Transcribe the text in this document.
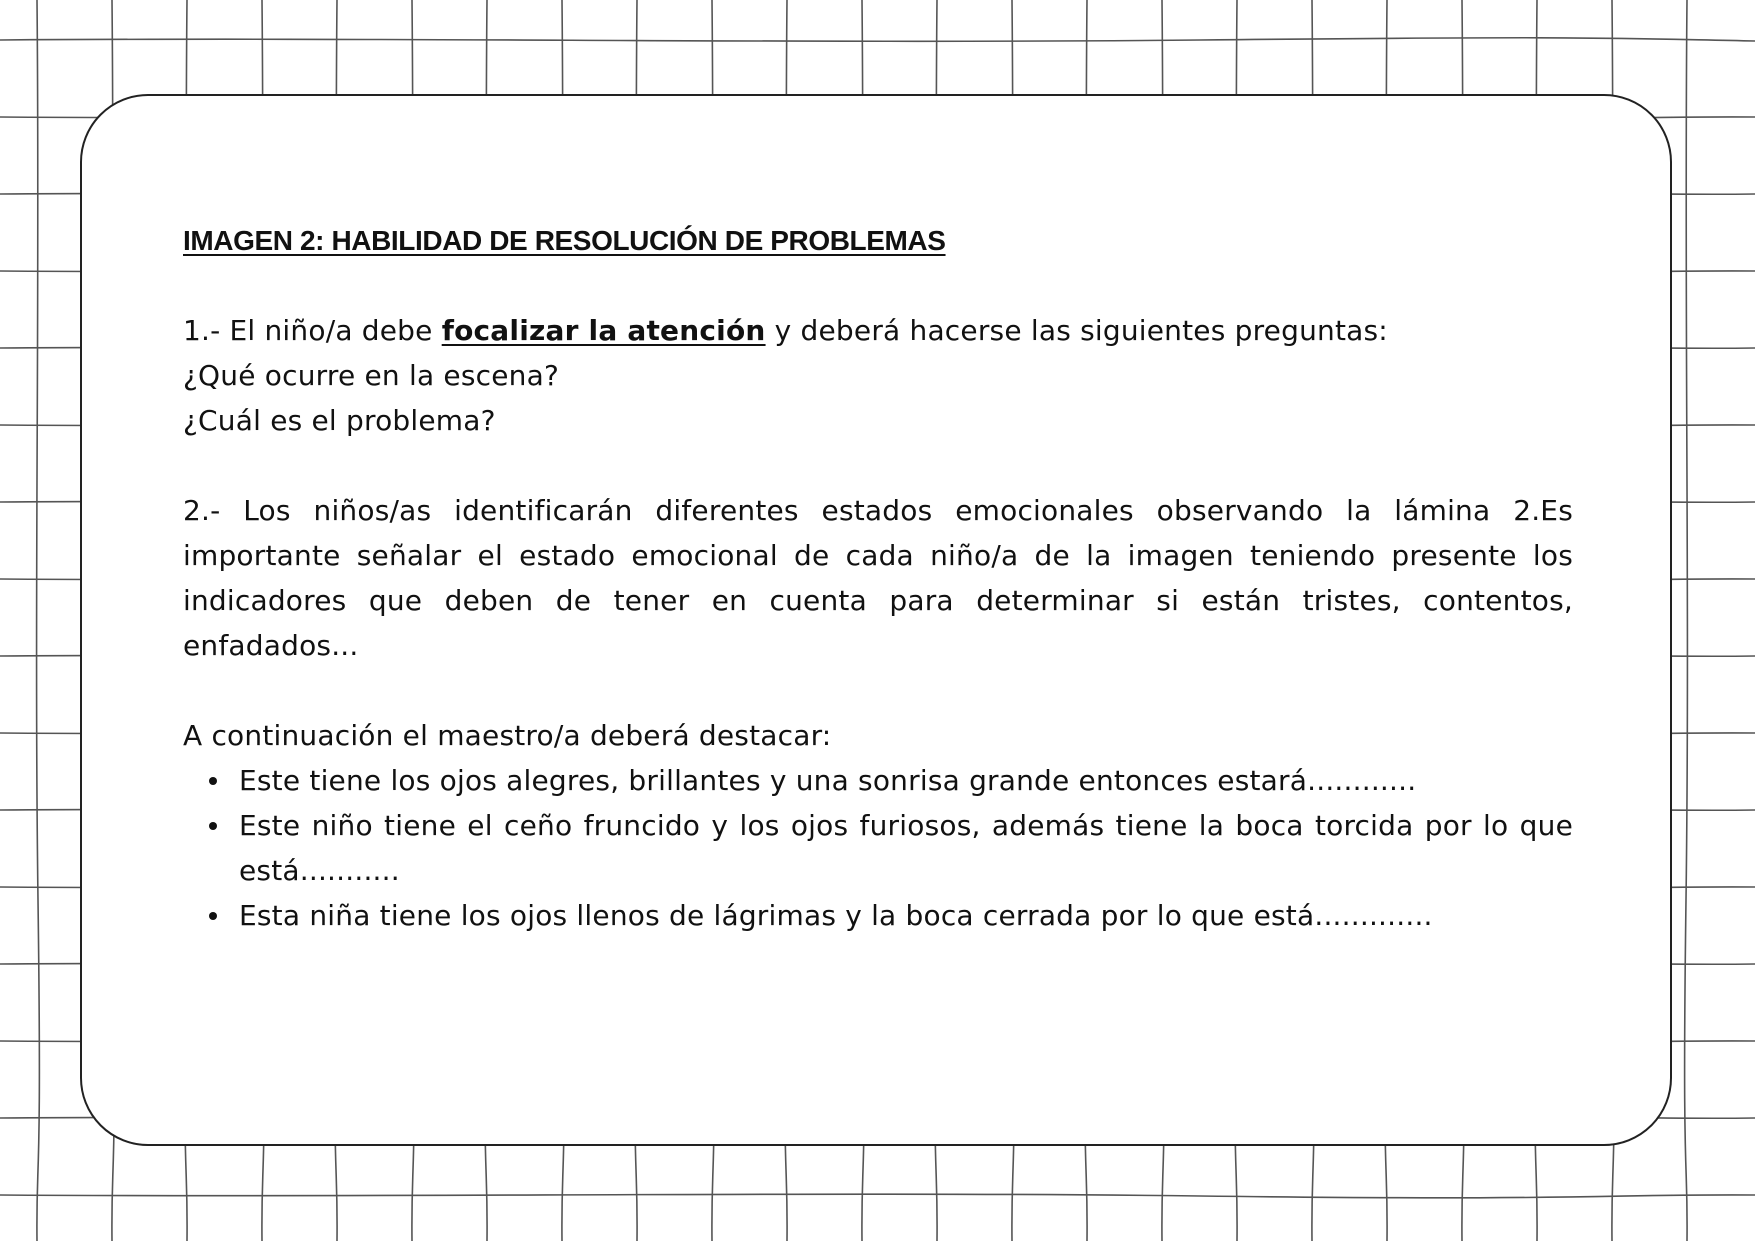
IMAGEN 2: HABILIDAD DE RESOLUCIÓN DE PROBLEMAS

1.- El niño/a debe focalizar la atención y deberá hacerse las siguientes preguntas:

¿Qué ocurre en la escena?

¿Cuál es el problema?

2.- Los niños/as identificarán diferentes estados emocionales observando la lámina 2.Es importante señalar el estado emocional de cada niño/a de la imagen teniendo presente los indicadores que deben de tener en cuenta para determinar si están tristes, contentos, enfadados...

A continuación el maestro/a deberá destacar:

Este tiene los ojos alegres, brillantes y una sonrisa grande entonces estará............
Este niño tiene el ceño fruncido y los ojos furiosos, además tiene la boca torcida por lo que está...........
Esta niña tiene los ojos llenos de lágrimas y la boca cerrada por lo que está.............
